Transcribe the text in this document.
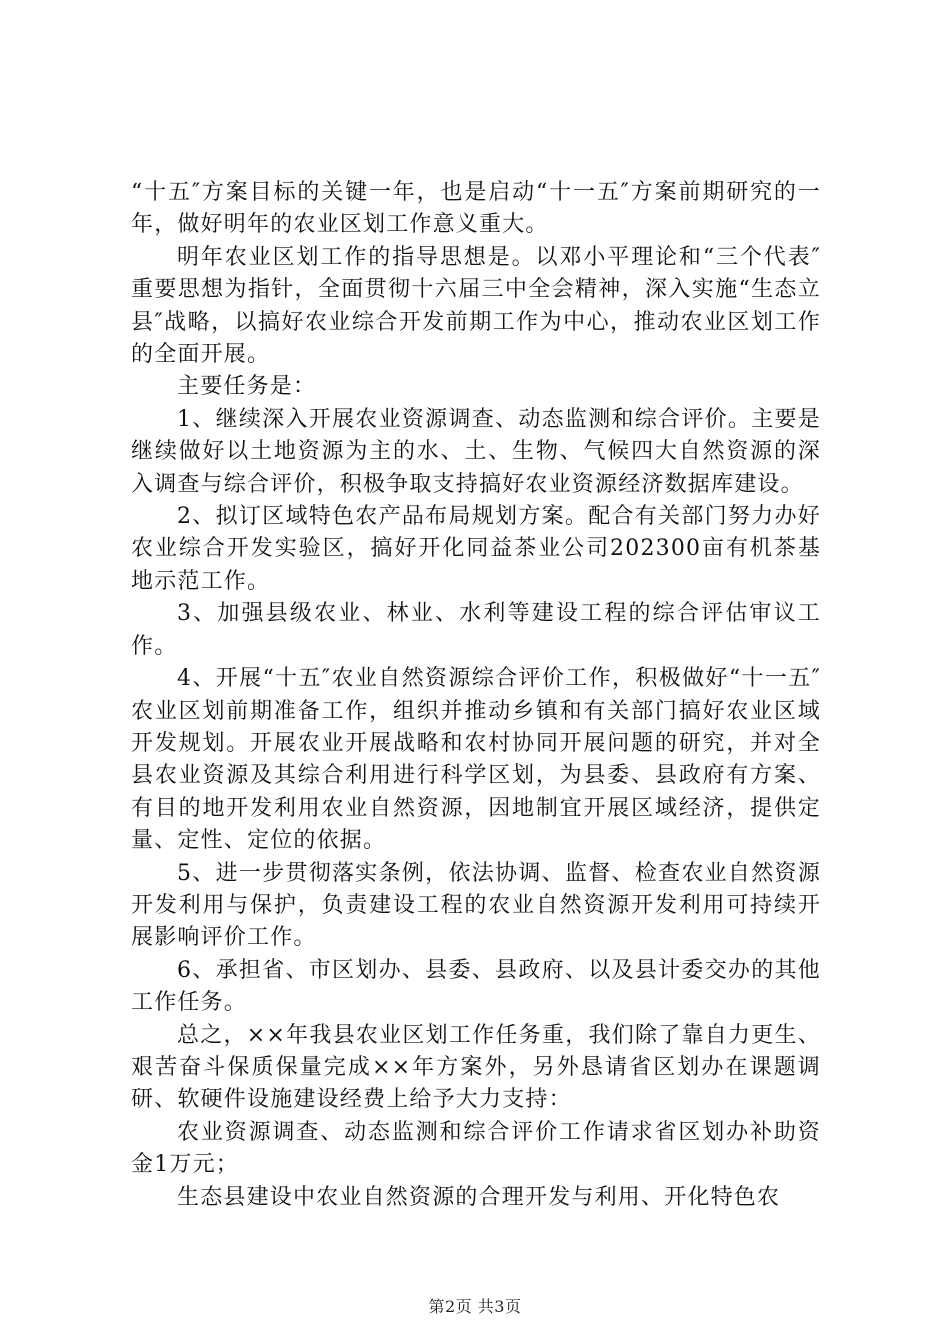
“十五″方案目标的关键一年，也是启动“十一五″方案前期研究的一年，做好明年的农业区划工作意义重大。

明年农业区划工作的指导思想是。以邓小平理论和“三个代表″重要思想为指针，全面贯彻十六届三中全会精神，深入实施“生态立县″战略，以搞好农业综合开发前期工作为中心，推动农业区划工作的全面开展。

主要任务是：

1、继续深入开展农业资源调查、动态监测和综合评价。主要是继续做好以土地资源为主的水、土、生物、气候四大自然资源的深入调查与综合评价，积极争取支持搞好农业资源经济数据库建设。

2、拟订区域特色农产品布局规划方案。配合有关部门努力办好农业综合开发实验区，搞好开化同益茶业公司202300亩有机茶基地示范工作。

3、加强县级农业、林业、水利等建设工程的综合评估审议工作。

4、开展“十五″农业自然资源综合评价工作，积极做好“十一五″农业区划前期准备工作，组织并推动乡镇和有关部门搞好农业区域开发规划。开展农业开展战略和农村协同开展问题的研究，并对全县农业资源及其综合利用进行科学区划，为县委、县政府有方案、有目的地开发利用农业自然资源，因地制宜开展区域经济，提供定量、定性、定位的依据。

5、进一步贯彻落实条例，依法协调、监督、检查农业自然资源开发利用与保护，负责建设工程的农业自然资源开发利用可持续开展影响评价工作。

6、承担省、市区划办、县委、县政府、以及县计委交办的其他工作任务。

总之，××年我县农业区划工作任务重，我们除了靠自力更生、艰苦奋斗保质保量完成××年方案外，另外恳请省区划办在课题调研、软硬件设施建设经费上给予大力支持：

农业资源调查、动态监测和综合评价工作请求省区划办补助资金1万元；

生态县建设中农业自然资源的合理开发与利用、开化特色农

第2页 共3页
